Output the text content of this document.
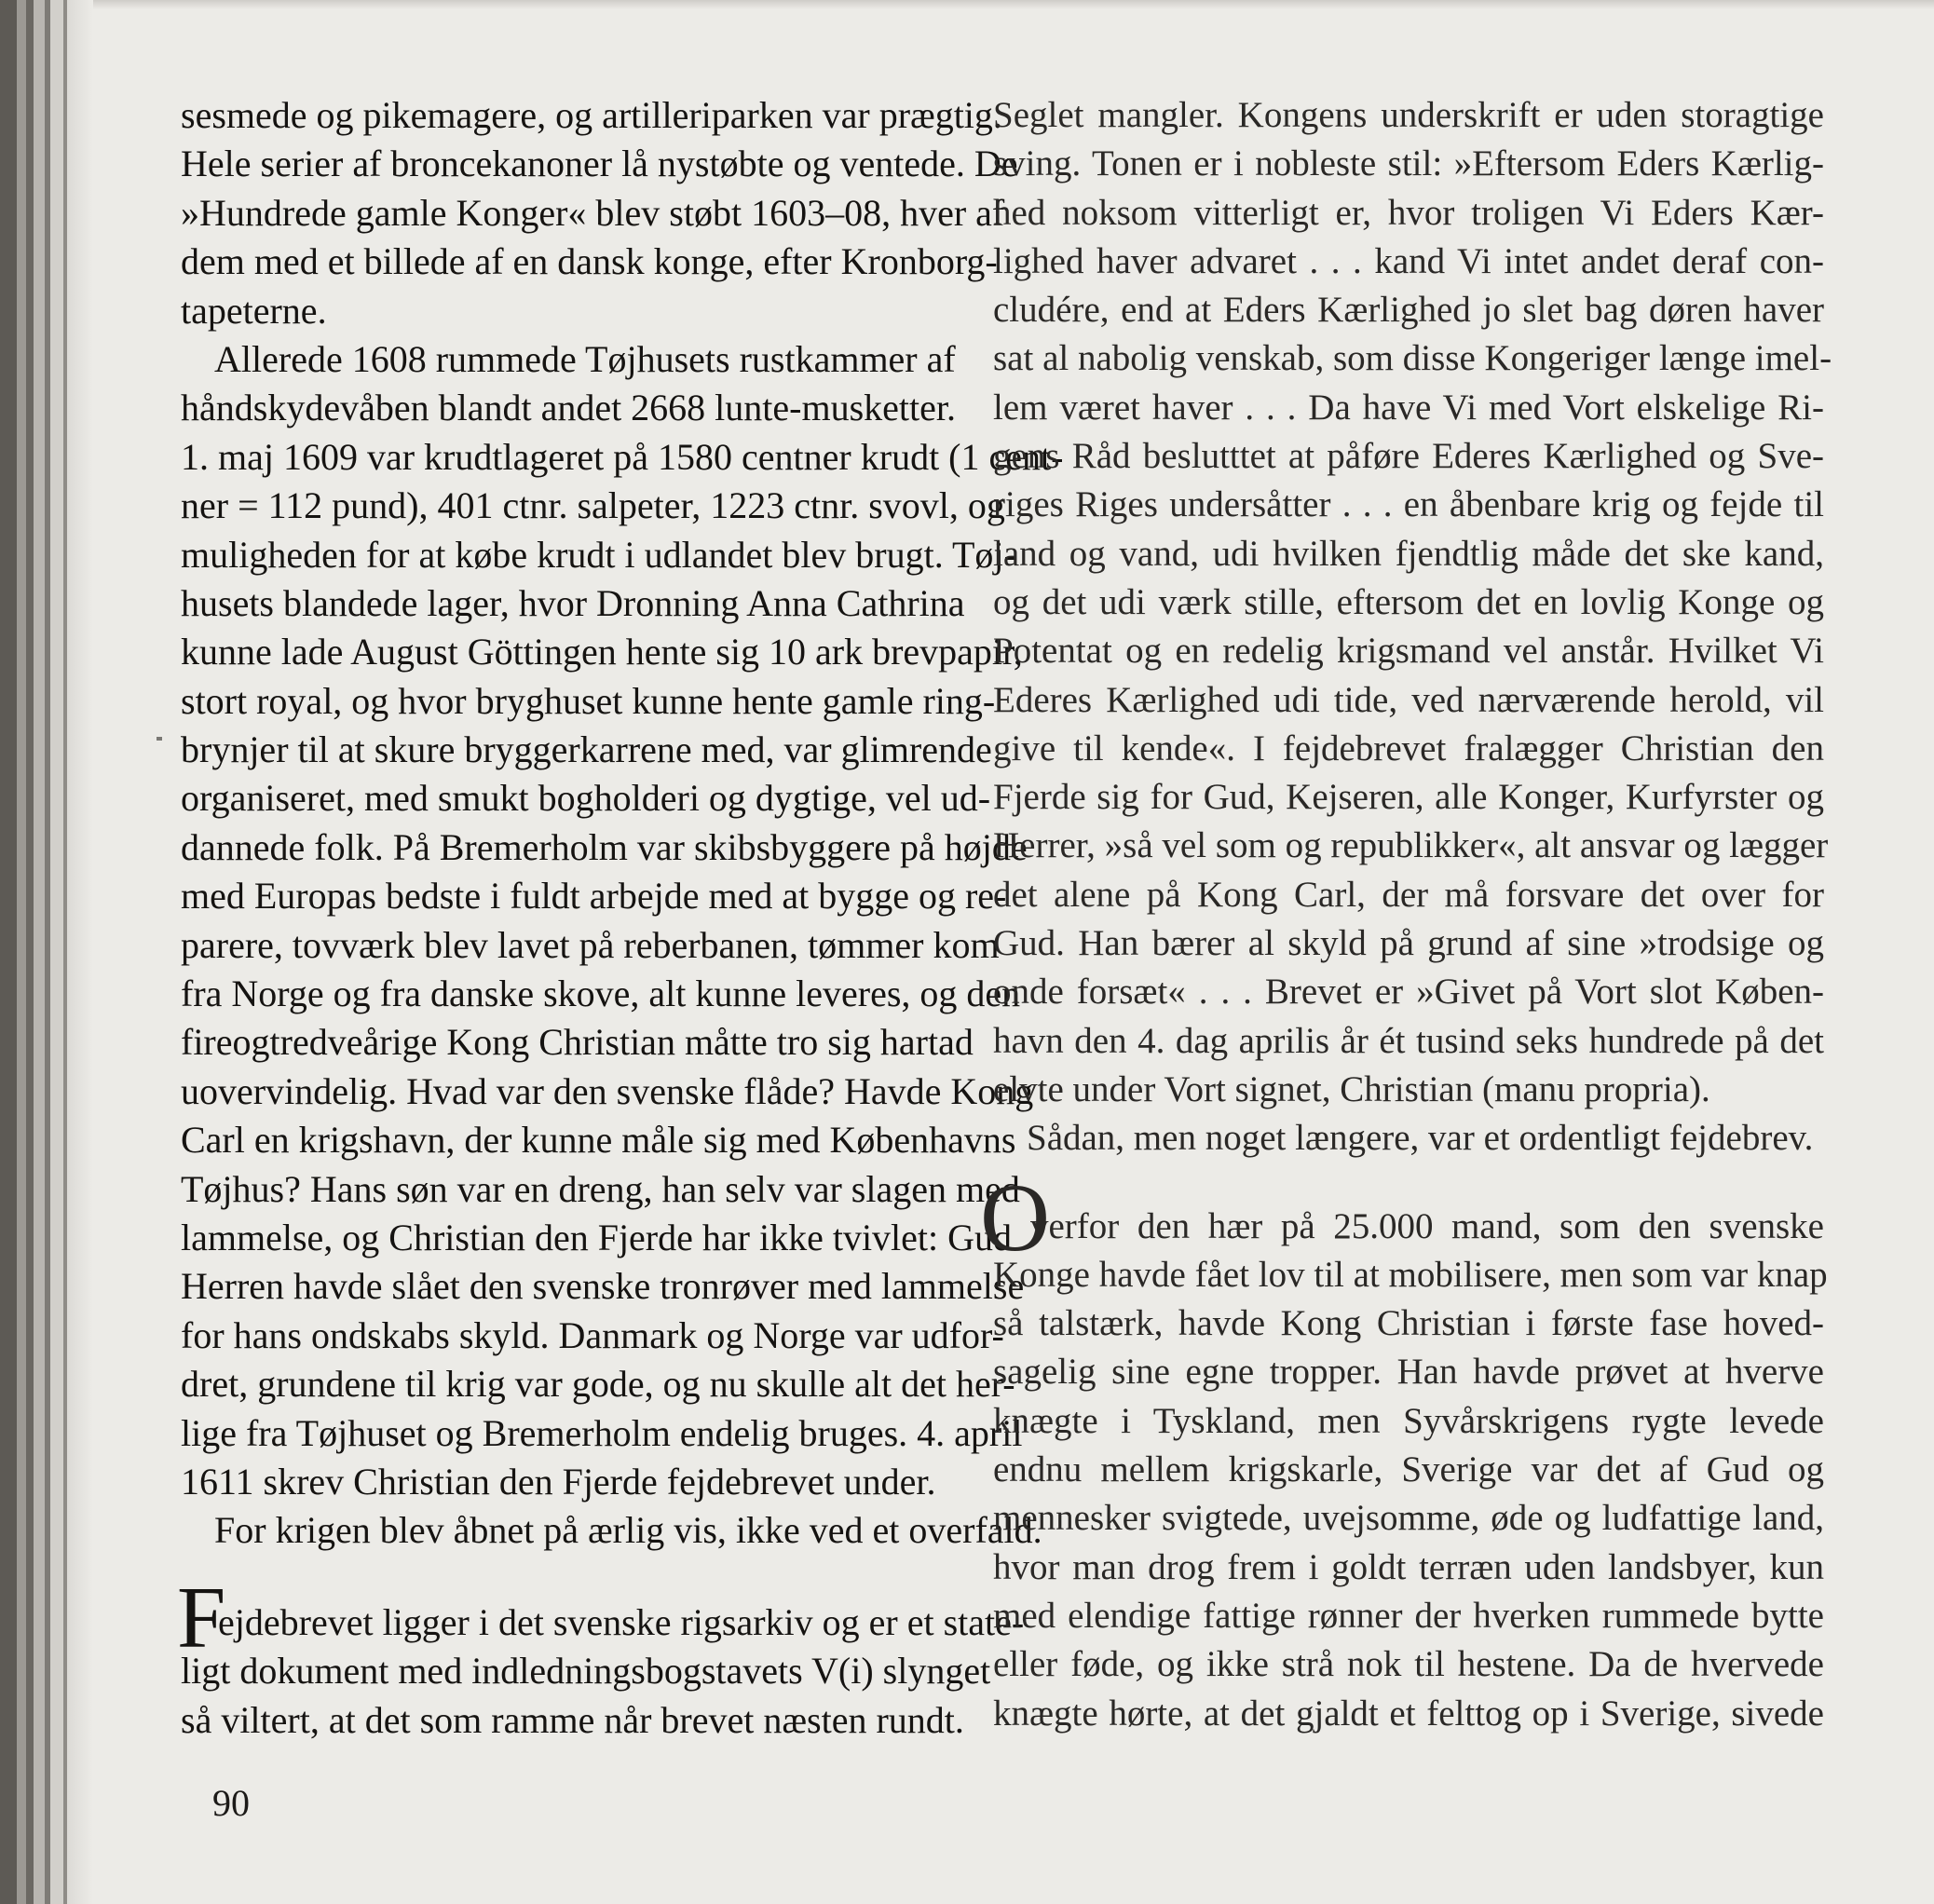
sesmede og pikemagere, og artilleriparken var prægtig.
Hele serier af broncekanoner lå nystøbte og ventede. De
»Hundrede gamle Konger« blev støbt 1603–08, hver af
dem med et billede af en dansk konge, efter Kronborg-
tapeterne.
Allerede 1608 rummede Tøjhusets rustkammer af
håndskydevåben blandt andet 2668 lunte-musketter.
1. maj 1609 var krudtlageret på 1580 centner krudt (1 cent-
ner = 112 pund), 401 ctnr. salpeter, 1223 ctnr. svovl, og
muligheden for at købe krudt i udlandet blev brugt. Tøj-
husets blandede lager, hvor Dronning Anna Cathrina
kunne lade August Göttingen hente sig 10 ark brevpapir,
stort royal, og hvor bryghuset kunne hente gamle ring-
brynjer til at skure bryggerkarrene med, var glimrende
organiseret, med smukt bogholderi og dygtige, vel ud-
dannede folk. På Bremerholm var skibsbyggere på højde
med Europas bedste i fuldt arbejde med at bygge og re-
parere, tovværk blev lavet på reberbanen, tømmer kom
fra Norge og fra danske skove, alt kunne leveres, og den
fireogtredveårige Kong Christian måtte tro sig hartad
uovervindelig. Hvad var den svenske flåde? Havde Kong
Carl en krigshavn, der kunne måle sig med Københavns
Tøjhus? Hans søn var en dreng, han selv var slagen med
lammelse, og Christian den Fjerde har ikke tvivlet: Gud
Herren havde slået den svenske tronrøver med lammelse
for hans ondskabs skyld. Danmark og Norge var udfor-
dret, grundene til krig var gode, og nu skulle alt det her-
lige fra Tøjhuset og Bremerholm endelig bruges. 4. april
1611 skrev Christian den Fjerde fejdebrevet under.
For krigen blev åbnet på ærlig vis, ikke ved et overfald.
F
ejdebrevet ligger i det svenske rigsarkiv og er et state-
ligt dokument med indledningsbogstavets V(i) slynget
så viltert, at det som ramme når brevet næsten rundt.
Seglet mangler. Kongens underskrift er uden storagtige
sving. Tonen er i nobleste stil: »Eftersom Eders Kærlig-
hed noksom vitterligt er, hvor troligen Vi Eders Kær-
lighed haver advaret . . . kand Vi intet andet deraf con-
cludére, end at Eders Kærlighed jo slet bag døren haver
sat al nabolig venskab, som disse Kongeriger længe imel-
lem været haver . . . Da have Vi med Vort elskelige Ri-
gens Råd beslutttet at påføre Ederes Kærlighed og Sve-
riges Riges undersåtter . . . en åbenbare krig og fejde til
land og vand, udi hvilken fjendtlig måde det ske kand,
og det udi værk stille, eftersom det en lovlig Konge og
Potentat og en redelig krigsmand vel anstår. Hvilket Vi
Ederes Kærlighed udi tide, ved nærværende herold, vil
give til kende«. I fejdebrevet fralægger Christian den
Fjerde sig for Gud, Kejseren, alle Konger, Kurfyrster og
Herrer, »så vel som og republikker«, alt ansvar og lægger
det alene på Kong Carl, der må forsvare det over for
Gud. Han bærer al skyld på grund af sine »trodsige og
onde forsæt« . . . Brevet er »Givet på Vort slot Køben-
havn den 4. dag aprilis år ét tusind seks hundrede på det
elvte under Vort signet, Christian (manu propria).
Sådan, men noget længere, var et ordentligt fejdebrev.
O
verfor den hær på 25.000 mand, som den svenske
Konge havde fået lov til at mobilisere, men som var knap
så talstærk, havde Kong Christian i første fase hoved-
sagelig sine egne tropper. Han havde prøvet at hverve
knægte i Tyskland, men Syvårskrigens rygte levede
endnu mellem krigskarle, Sverige var det af Gud og
mennesker svigtede, uvejsomme, øde og ludfattige land,
hvor man drog frem i goldt terræn uden landsbyer, kun
med elendige fattige rønner der hverken rummede bytte
eller føde, og ikke strå nok til hestene. Da de hvervede
knægte hørte, at det gjaldt et felttog op i Sverige, sivede
90
